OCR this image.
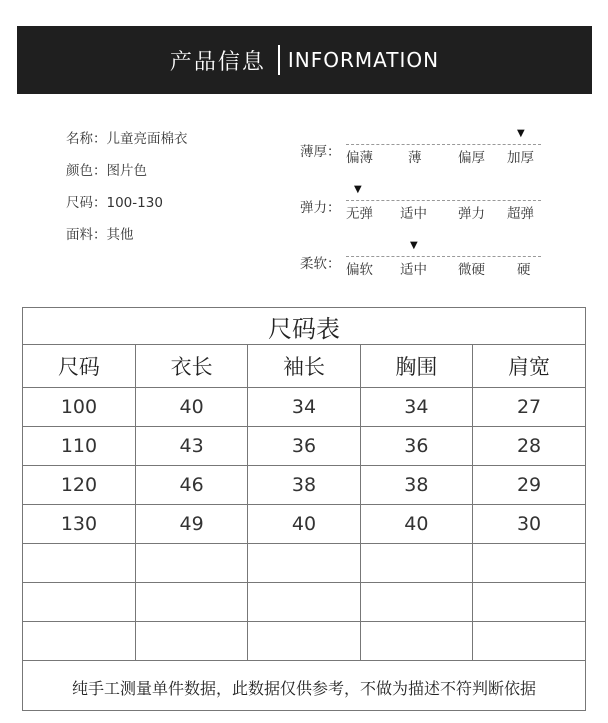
产品信息 INFORMATION
名称：儿童亮面棉衣
颜色：图片色
尺码：100-130
面料：其他
薄厚：
▼
偏薄	薄	偏厚 加厚
弹力：
▼
无弹 适中 弹力 超弹
柔软：
▼
偏软 适中 微硬 硬
尺码表				
尺码	衣长	袖长	胸围	肩宽
100	40	34	34	27
110	43	36	36	28
120	46	38	38	29
130	49	40	40	30

纯手工测量单件数据，此数据仅供参考，不做为描述不符判断依据				
